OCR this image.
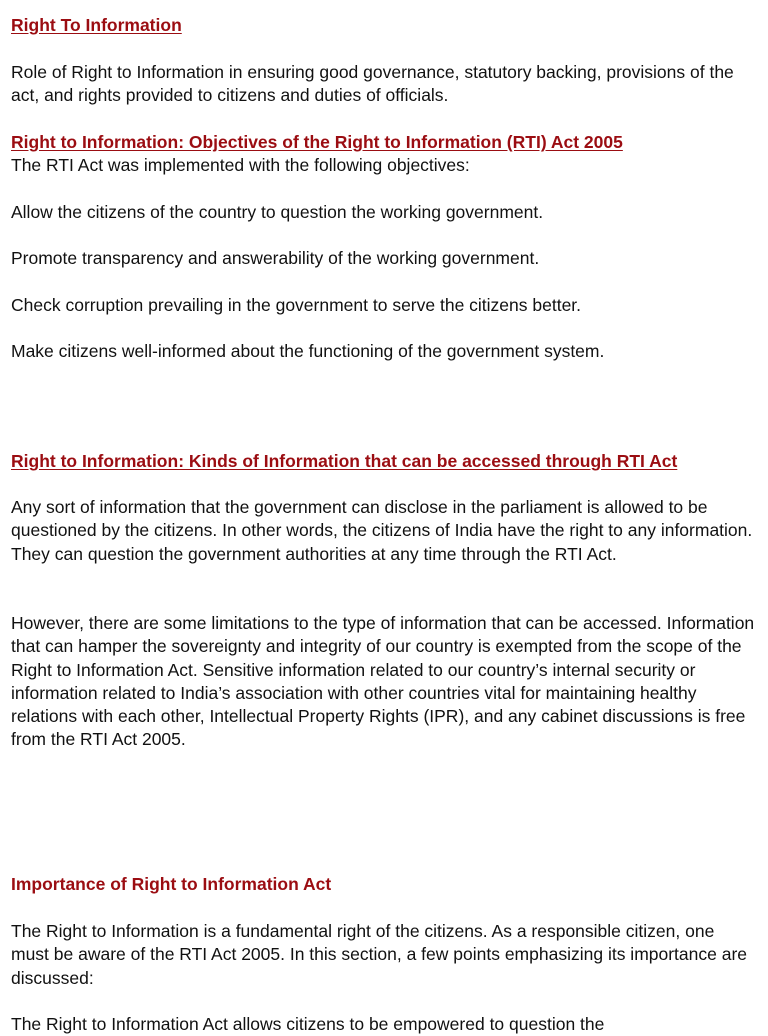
Right To Information

Role of Right to Information in ensuring good governance, statutory backing, provisions of the act, and rights provided to citizens and duties of officials.

Right to Information: Objectives of the Right to Information (RTI) Act 2005

The RTI Act was implemented with the following objectives:

Allow the citizens of the country to question the working government.

Promote transparency and answerability of the working government.

Check corruption prevailing in the government to serve the citizens better.

Make citizens well-informed about the functioning of the government system.

Right to Information: Kinds of Information that can be accessed through RTI Act

Any sort of information that the government can disclose in the parliament is allowed to be questioned by the citizens. In other words, the citizens of India have the right to any information. They can question the government authorities at any time through the RTI Act.

However, there are some limitations to the type of information that can be accessed. Information that can hamper the sovereignty and integrity of our country is exempted from the scope of the Right to Information Act. Sensitive information related to our country’s internal security or information related to India’s association with other countries vital for maintaining healthy relations with each other, Intellectual Property Rights (IPR), and any cabinet discussions is free from the RTI Act 2005.

Importance of Right to Information Act

The Right to Information is a fundamental right of the citizens. As a responsible citizen, one must be aware of the RTI Act 2005. In this section, a few points emphasizing its importance are discussed:

The Right to Information Act allows citizens to be empowered to question the
